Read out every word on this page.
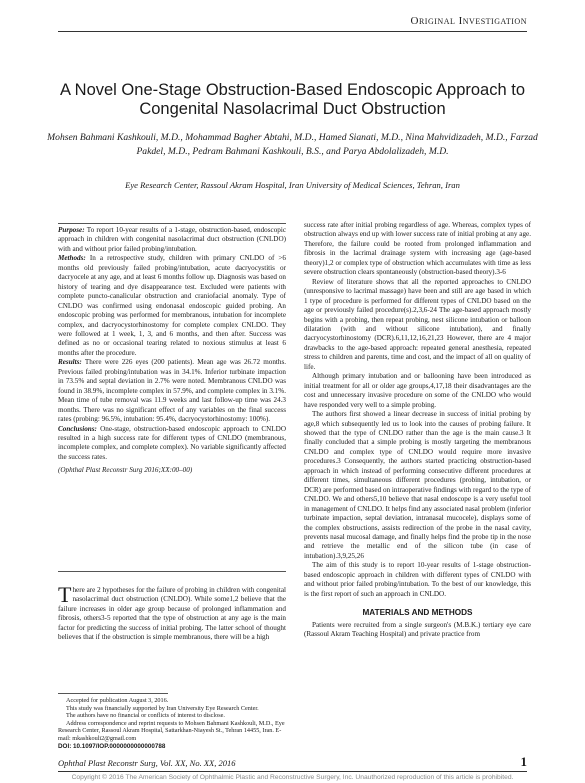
Original Investigation
A Novel One-Stage Obstruction-Based Endoscopic Approach to Congenital Nasolacrimal Duct Obstruction
Mohsen Bahmani Kashkouli, M.D., Mohammad Bagher Abtahi, M.D., Hamed Sianati, M.D., Nina Mahvidizadeh, M.D., Farzad Pakdel, M.D., Pedram Bahmani Kashkouli, B.S., and Parya Abdolalizadeh, M.D.
Eye Research Center, Rassoul Akram Hospital, Iran University of Medical Sciences, Tehran, Iran

Purpose: To report 10-year results of a 1-stage, obstruction-based, endoscopic approach in children with congenital nasolacrimal duct obstruction (CNLDO) with and without prior failed probing/intubation.

Methods: In a retrospective study, children with primary CNLDO of >6 months old previously failed probing/intubation, acute dacryocystitis or dacryocele at any age, and at least 6 months follow up. Diagnosis was based on history of tearing and dye disappearance test. Excluded were patients with complete puncto-canalicular obstruction and craniofacial anomaly. Type of CNLDO was confirmed using endonasal endoscopic guided probing. An endoscopic probing was performed for membranous, intubation for incomplete complex, and dacryocystorhinostomy for complete complex CNLDO. They were followed at 1 week, 1, 3, and 6 months, and then after. Success was defined as no or occasional tearing related to noxious stimulus at least 6 months after the procedure.

Results: There were 226 eyes (200 patients). Mean age was 26.72 months. Previous failed probing/intubation was in 34.1%. Inferior turbinate impaction in 73.5% and septal deviation in 2.7% were noted. Membranous CNLDO was found in 38.9%, incomplete complex in 57.9%, and complete complex in 3.1%. Mean time of tube removal was 11.9 weeks and last follow-up time was 24.3 months. There was no significant effect of any variables on the final success rates (probing: 96.5%, intubation: 95.4%, dacryocystorhinostomy: 100%).

Conclusions: One-stage, obstruction-based endoscopic approach to CNLDO resulted in a high success rate for different types of CNLDO (membranous, incomplete complex, and complete complex). No variable significantly affected the success rates.

(Ophthal Plast Reconstr Surg 2016;XX:00–00)

There are 2 hypotheses for the failure of probing in children with congenital nasolacrimal duct obstruction (CNLDO). While some1,2 believe that the failure increases in older age group because of prolonged inflammation and fibrosis, others3-5 reported that the type of obstruction at any age is the main factor for predicting the success of initial probing. The latter school of thought believes that if the obstruction is simple membranous, there will be a high

Accepted for publication August 3, 2016.

This study was financially supported by Iran University Eye Research Center.

The authors have no financial or conflicts of interest to disclose.

Address correspondence and reprint requests to Mohsen Bahmani Kashkouli, M.D., Eye Research Center, Rassoul Akram Hospital, Sattarkhan-Niayesh St., Tehran 14455, Iran. E-mail: mkashkouli2@gmail.com

DOI: 10.1097/IOP.0000000000000788

success rate after initial probing regardless of age. Whereas, complex types of obstruction always end up with lower success rate of initial probing at any age. Therefore, the failure could be rooted from prolonged inflammation and fibrosis in the lacrimal drainage system with increasing age (age-based theory)1,2 or complex type of obstruction which accumulates with time as less severe obstruction clears spontaneously (obstruction-based theory).3-6

Review of literature shows that all the reported approaches to CNLDO (unresponsive to lacrimal massage) have been and still are age based in which 1 type of procedure is performed for different types of CNLDO based on the age or previously failed procedure(s).2,3,6-24 The age-based approach mostly begins with a probing, then repeat probing, nest silicone intubation or balloon dilatation (with and without silicone intubation), and finally dacryocystorhinostomy (DCR).6,11,12,16,21,23 However, there are 4 major drawbacks to the age-based approach: repeated general anesthesia, repeated stress to children and parents, time and cost, and the impact of all on quality of life.

Although primary intubation and or ballooning have been introduced as initial treatment for all or older age groups,4,17,18 their disadvantages are the cost and unnecessary invasive procedure on some of the CNLDO who would have responded very well to a simple probing.

The authors first showed a linear decrease in success of initial probing by age,8 which subsequently led us to look into the causes of probing failure. It showed that the type of CNLDO rather than the age is the main cause.3 It finally concluded that a simple probing is mostly targeting the membranous CNLDO and complex type of CNLDO would require more invasive procedures.3 Consequently, the authors started practicing obstruction-based approach in which instead of performing consecutive different procedures at different times, simultaneous different procedures (probing, intubation, or DCR) are performed based on intraoperative findings with regard to the type of CNLDO. We and others5,10 believe that nasal endoscope is a very useful tool in management of CNLDO. It helps find any associated nasal problem (inferior turbinate impaction, septal deviation, intranasal mucocele), displays some of the complex obstructions, assists redirection of the probe in the nasal cavity, prevents nasal mucosal damage, and finally helps find the probe tip in the nose and retrieve the metallic end of the silicon tube (in case of intubation).3,9,25,26

The aim of this study is to report 10-year results of 1-stage obstruction-based endoscopic approach in children with different types of CNLDO with and without prior failed probing/intubation. To the best of our knowledge, this is the first report of such an approach in CNLDO.

MATERIALS AND METHODS

Patients were recruited from a single surgeon's (M.B.K.) tertiary eye care (Rassoul Akram Teaching Hospital) and private practice from

Ophthal Plast Reconstr Surg, Vol. XX, No. XX, 2016	1
Copyright © 2016 The American Society of Ophthalmic Plastic and Reconstructive Surgery, Inc. Unauthorized reproduction of this article is prohibited.
